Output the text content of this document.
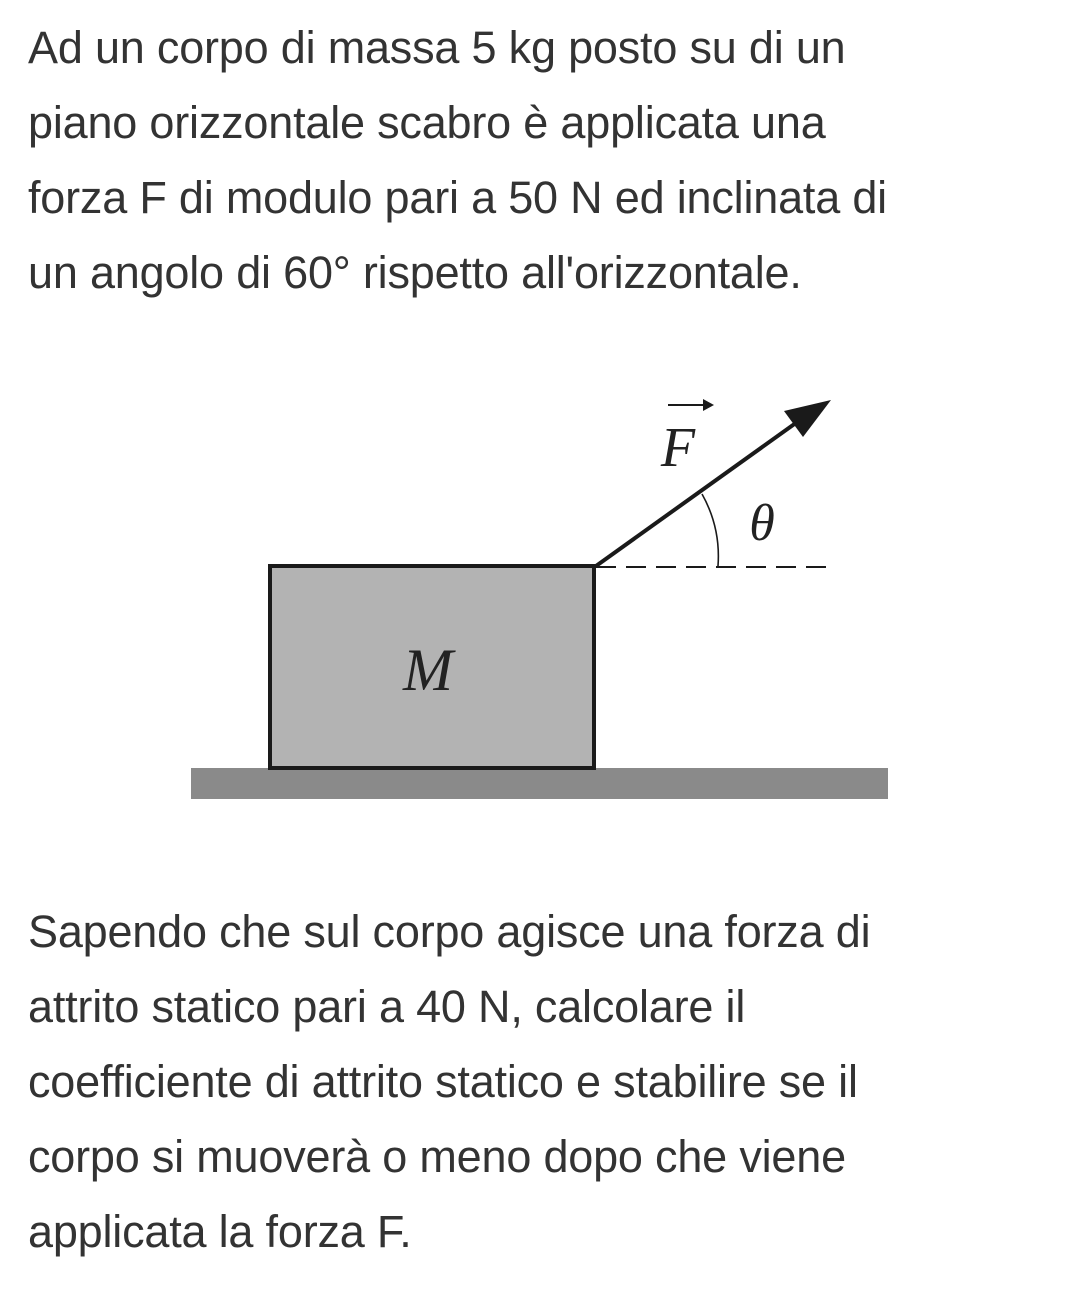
Ad un corpo di massa 5 kg posto su di un
piano orizzontale scabro è applicata una
forza F di modulo pari a 50 N ed inclinata di
un angolo di 60° rispetto all'orizzontale.

M
θ
F

Sapendo che sul corpo agisce una forza di
attrito statico pari a 40 N, calcolare il
coefficiente di attrito statico e stabilire se il
corpo si muoverà o meno dopo che viene
applicata la forza F.
